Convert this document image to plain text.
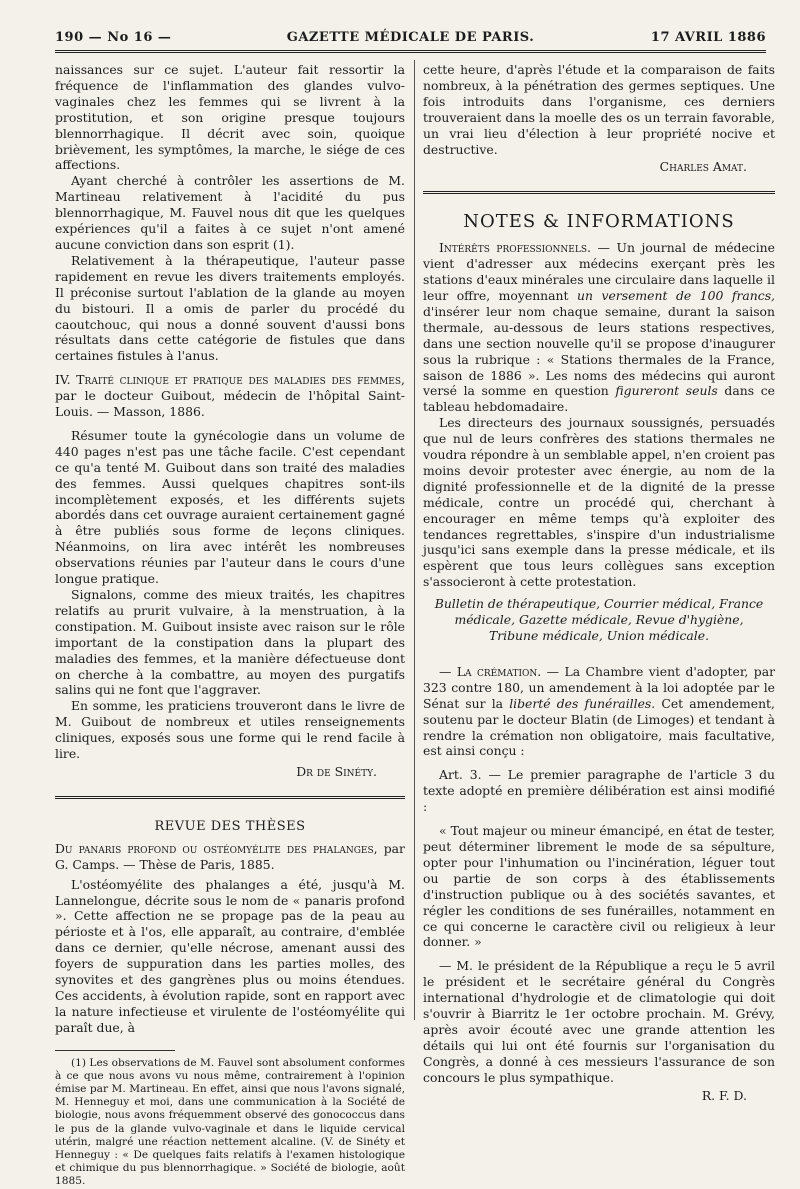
190 — No 16 —	GAZETTE MÉDICALE DE PARIS.	17 AVRIL 1886

naissances sur ce sujet. L'auteur fait ressortir la fréquence de l'inflammation des glandes vulvo-vaginales chez les femmes qui se livrent à la prostitution, et son origine presque toujours blennorrhagique. Il décrit avec soin, quoique brièvement, les symptômes, la marche, le siége de ces affections.

Ayant cherché à contrôler les assertions de M. Martineau relativement à l'acidité du pus blennorrhagique, M. Fauvel nous dit que les quelques expériences qu'il a faites à ce sujet n'ont amené aucune conviction dans son esprit (1).

Relativement à la thérapeutique, l'auteur passe rapidement en revue les divers traitements employés. Il préconise surtout l'ablation de la glande au moyen du bistouri. Il a omis de parler du procédé du caoutchouc, qui nous a donné souvent d'aussi bons résultats dans cette catégorie de fistules que dans certaines fistules à l'anus.

IV. Traité clinique et pratique des maladies des femmes, par le docteur Guibout, médecin de l'hôpital Saint-Louis. — Masson, 1886.

Résumer toute la gynécologie dans un volume de 440 pages n'est pas une tâche facile. C'est cependant ce qu'a tenté M. Guibout dans son traité des maladies des femmes. Aussi quelques chapitres sont-ils incomplètement exposés, et les différents sujets abordés dans cet ouvrage auraient certainement gagné à être publiés sous forme de leçons cliniques. Néanmoins, on lira avec intérêt les nombreuses observations réunies par l'auteur dans le cours d'une longue pratique.

Signalons, comme des mieux traités, les chapitres relatifs au prurit vulvaire, à la menstruation, à la constipation. M. Guibout insiste avec raison sur le rôle important de la constipation dans la plupart des maladies des femmes, et la manière défectueuse dont on cherche à la combattre, au moyen des purgatifs salins qui ne font que l'aggraver.

En somme, les praticiens trouveront dans le livre de M. Guibout de nombreux et utiles renseignements cliniques, exposés sous une forme qui le rend facile à lire.

Dr de Sinéty.

REVUE DES THÈSES

Du panaris profond ou ostéomyélite des phalanges, par G. Camps. — Thèse de Paris, 1885.

L'ostéomyélite des phalanges a été, jusqu'à M. Lannelongue, décrite sous le nom de « panaris profond ». Cette affection ne se propage pas de la peau au périoste et à l'os, elle apparaît, au contraire, d'emblée dans ce dernier, qu'elle nécrose, amenant aussi des foyers de suppuration dans les parties molles, des synovites et des gangrènes plus ou moins étendues. Ces accidents, à évolution rapide, sont en rapport avec la nature infectieuse et virulente de l'ostéomyélite qui paraît due, à

(1) Les observations de M. Fauvel sont absolument conformes à ce que nous avons vu nous même, contrairement à l'opinion émise par M. Martineau. En effet, ainsi que nous l'avons signalé, M. Henneguy et moi, dans une communication à la Société de biologie, nous avons fréquemment observé des gonococcus dans le pus de la glande vulvo-vaginale et dans le liquide cervical utérin, malgré une réaction nettement alcaline. (V. de Sinéty et Henneguy : « De quelques faits relatifs à l'examen histologique et chimique du pus blennorrhagique. » Société de biologie, août 1885.

cette heure, d'après l'étude et la comparaison de faits nombreux, à la pénétration des germes septiques. Une fois introduits dans l'organisme, ces derniers trouveraient dans la moelle des os un terrain favorable, un vrai lieu d'élection à leur propriété nocive et destructive.

Charles Amat.

NOTES & INFORMATIONS

Intérêts professionnels. — Un journal de médecine vient d'adresser aux médecins exerçant près les stations d'eaux minérales une circulaire dans laquelle il leur offre, moyennant un versement de 100 francs, d'insérer leur nom chaque semaine, durant la saison thermale, au-dessous de leurs stations respectives, dans une section nouvelle qu'il se propose d'inaugurer sous la rubrique : « Stations thermales de la France, saison de 1886 ». Les noms des médecins qui auront versé la somme en question figureront seuls dans ce tableau hebdomadaire.

Les directeurs des journaux soussignés, persuadés que nul de leurs confrères des stations thermales ne voudra répondre à un semblable appel, n'en croient pas moins devoir protester avec énergie, au nom de la dignité professionnelle et de la dignité de la presse médicale, contre un procédé qui, cherchant à encourager en même temps qu'à exploiter des tendances regrettables, s'inspire d'un industrialisme jusqu'ici sans exemple dans la presse médicale, et ils espèrent que tous leurs collègues sans exception s'associeront à cette protestation.

Bulletin de thérapeutique, Courrier médical, France médicale, Gazette médicale, Revue d'hygiène, Tribune médicale, Union médicale.

— La crémation. — La Chambre vient d'adopter, par 323 contre 180, un amendement à la loi adoptée par le Sénat sur la liberté des funérailles. Cet amendement, soutenu par le docteur Blatin (de Limoges) et tendant à rendre la crémation non obligatoire, mais facultative, est ainsi conçu :

Art. 3. — Le premier paragraphe de l'article 3 du texte adopté en première délibération est ainsi modifié :

« Tout majeur ou mineur émancipé, en état de tester, peut déterminer librement le mode de sa sépulture, opter pour l'inhumation ou l'incinération, léguer tout ou partie de son corps à des établissements d'instruction publique ou à des sociétés savantes, et régler les conditions de ses funérailles, notamment en ce qui concerne le caractère civil ou religieux à leur donner. »

— M. le président de la République a reçu le 5 avril le président et le secrétaire général du Congrès international d'hydrologie et de climatologie qui doit s'ouvrir à Biarritz le 1er octobre prochain. M. Grévy, après avoir écouté avec une grande attention les détails qui lui ont été fournis sur l'organisation du Congrès, a donné à ces messieurs l'assurance de son concours le plus sympathique.

R. F. D.
